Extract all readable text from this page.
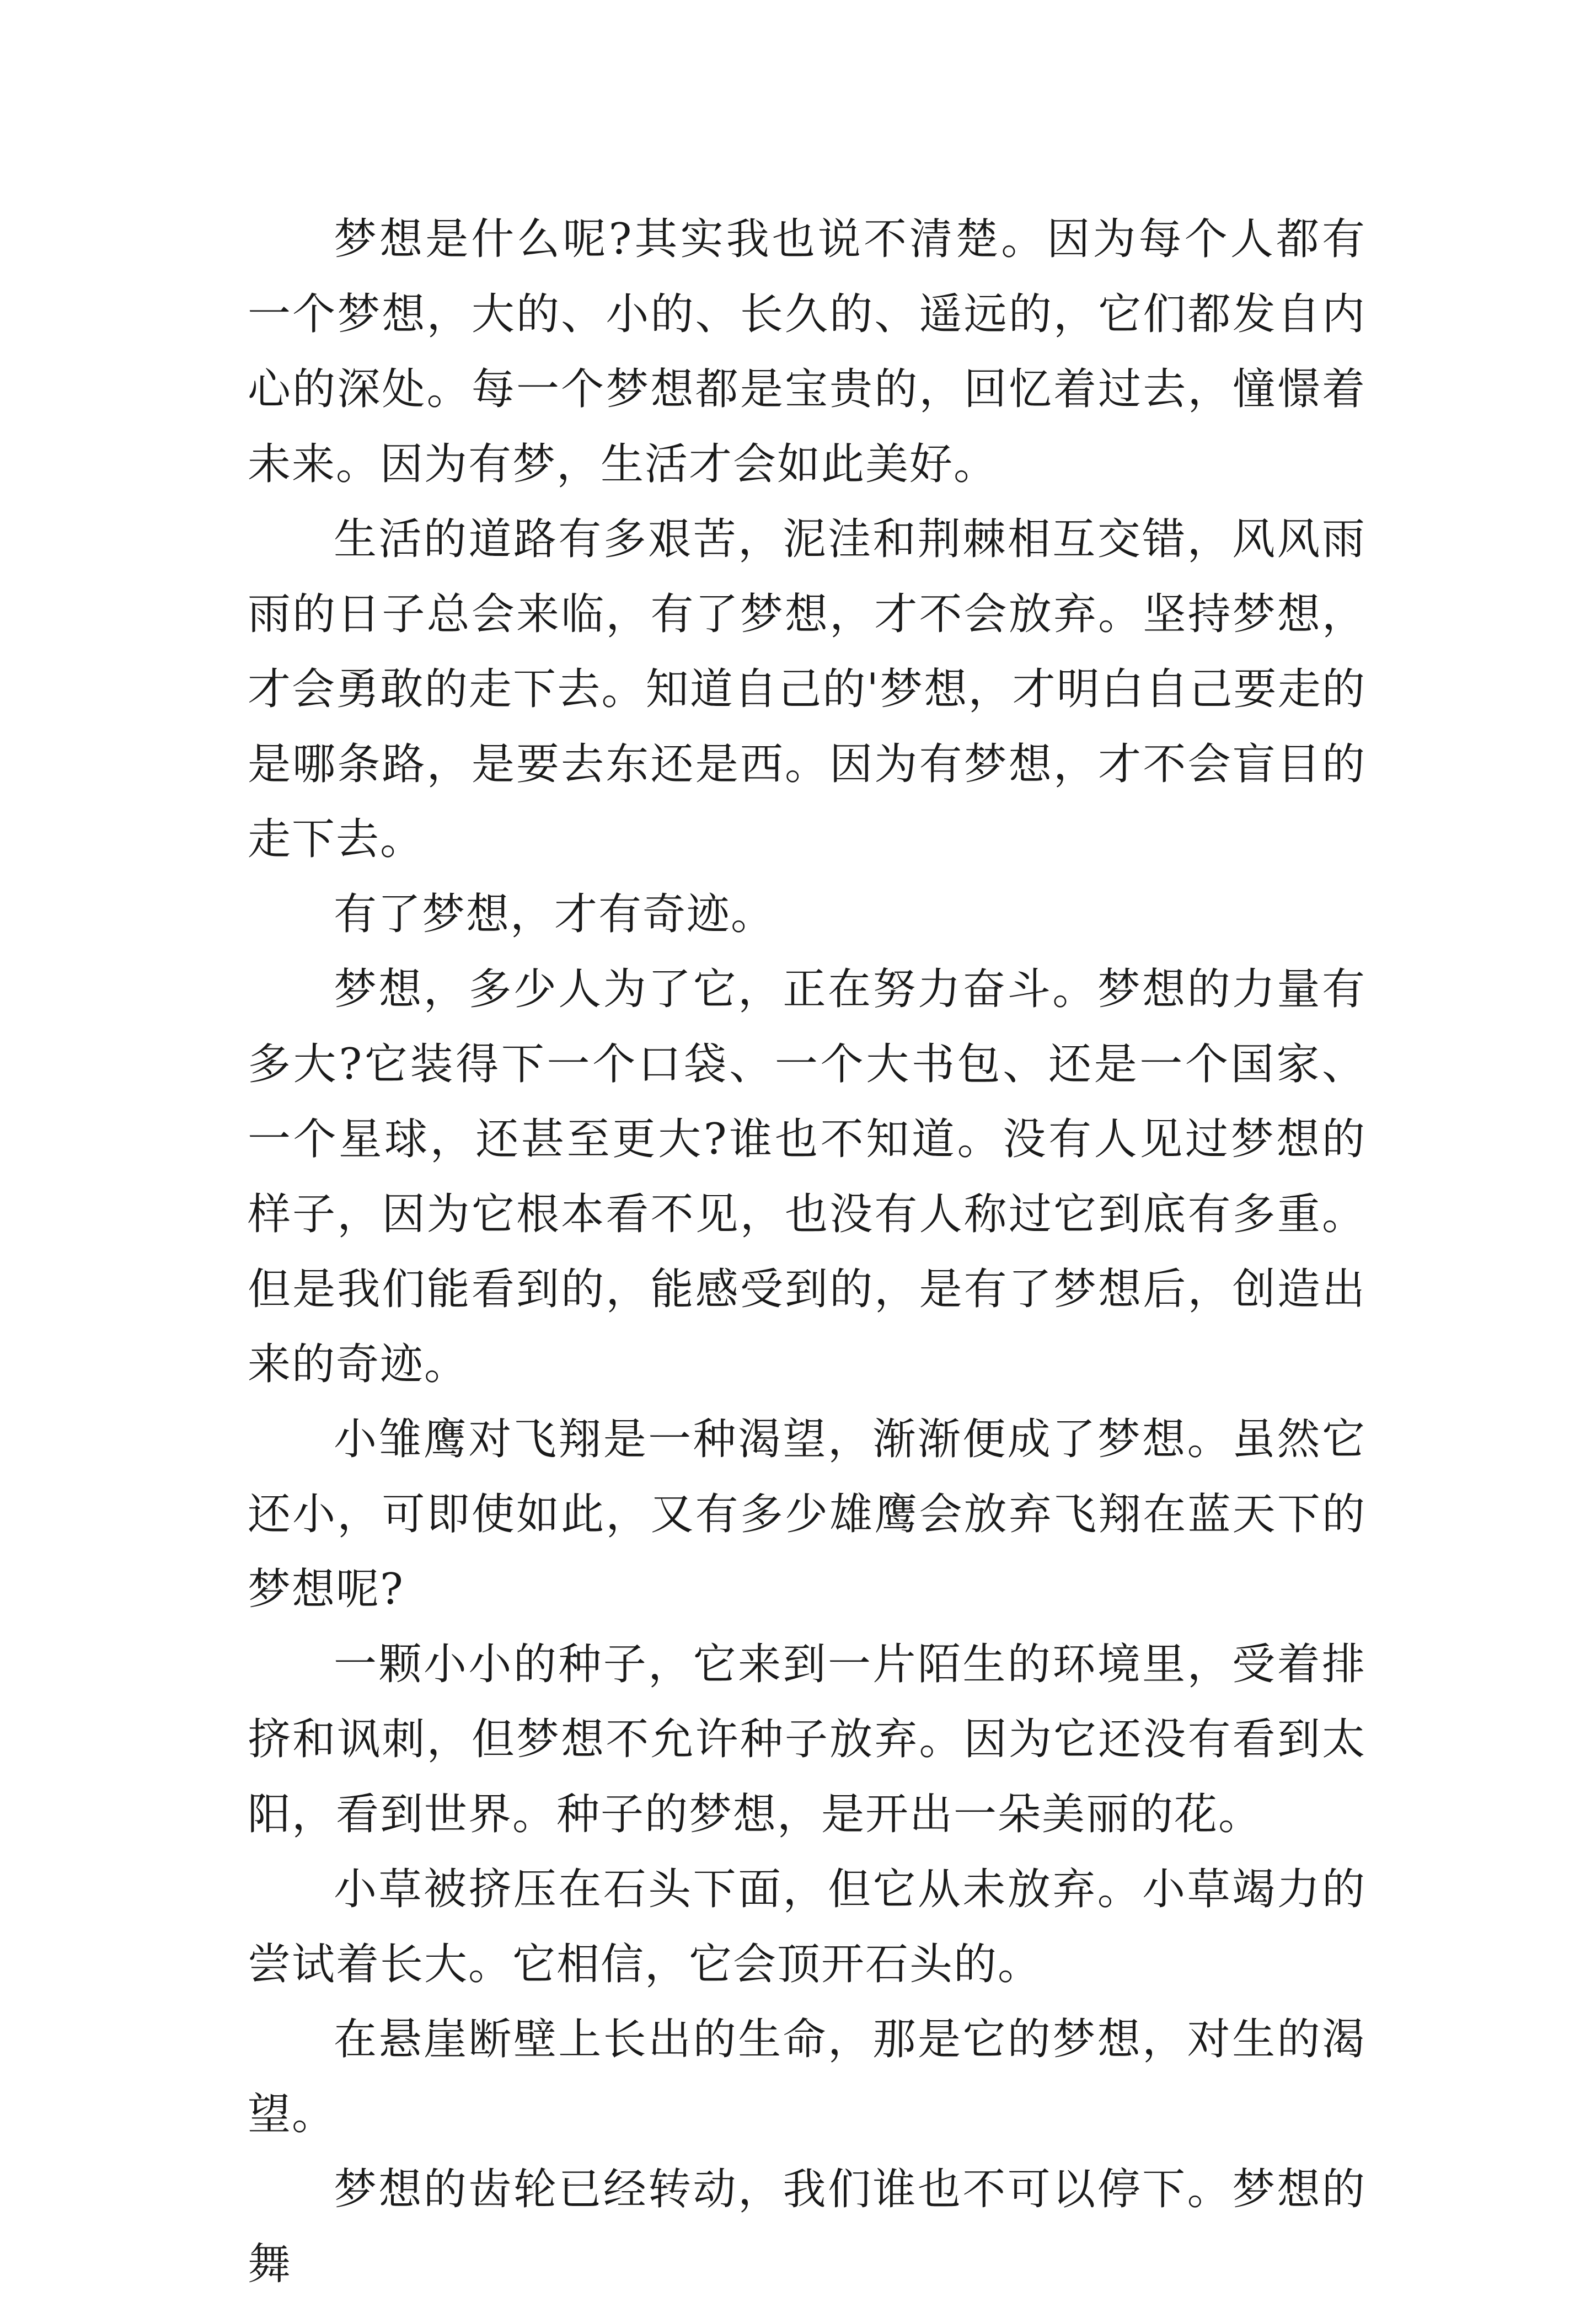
梦想是什么呢?其实我也说不清楚。因为每个人都有一个梦想，大的、小的、长久的、遥远的，它们都发自内心的深处。每一个梦想都是宝贵的，回忆着过去，憧憬着未来。因为有梦，生活才会如此美好。

生活的道路有多艰苦，泥洼和荆棘相互交错，风风雨雨的日子总会来临，有了梦想，才不会放弃。坚持梦想，才会勇敢的走下去。知道自己的'梦想，才明白自己要走的是哪条路，是要去东还是西。因为有梦想，才不会盲目的走下去。

有了梦想，才有奇迹。

梦想，多少人为了它，正在努力奋斗。梦想的力量有多大?它装得下一个口袋、一个大书包、还是一个国家、一个星球，还甚至更大?谁也不知道。没有人见过梦想的样子，因为它根本看不见，也没有人称过它到底有多重。但是我们能看到的，能感受到的，是有了梦想后，创造出来的奇迹。

小雏鹰对飞翔是一种渴望，渐渐便成了梦想。虽然它还小，可即使如此，又有多少雄鹰会放弃飞翔在蓝天下的梦想呢?

一颗小小的种子，它来到一片陌生的环境里，受着排挤和讽刺，但梦想不允许种子放弃。因为它还没有看到太阳，看到世界。种子的梦想，是开出一朵美丽的花。

小草被挤压在石头下面，但它从未放弃。小草竭力的尝试着长大。它相信，它会顶开石头的。

在悬崖断壁上长出的生命，那是它的梦想，对生的渴望。

梦想的齿轮已经转动，我们谁也不可以停下。梦想的舞
